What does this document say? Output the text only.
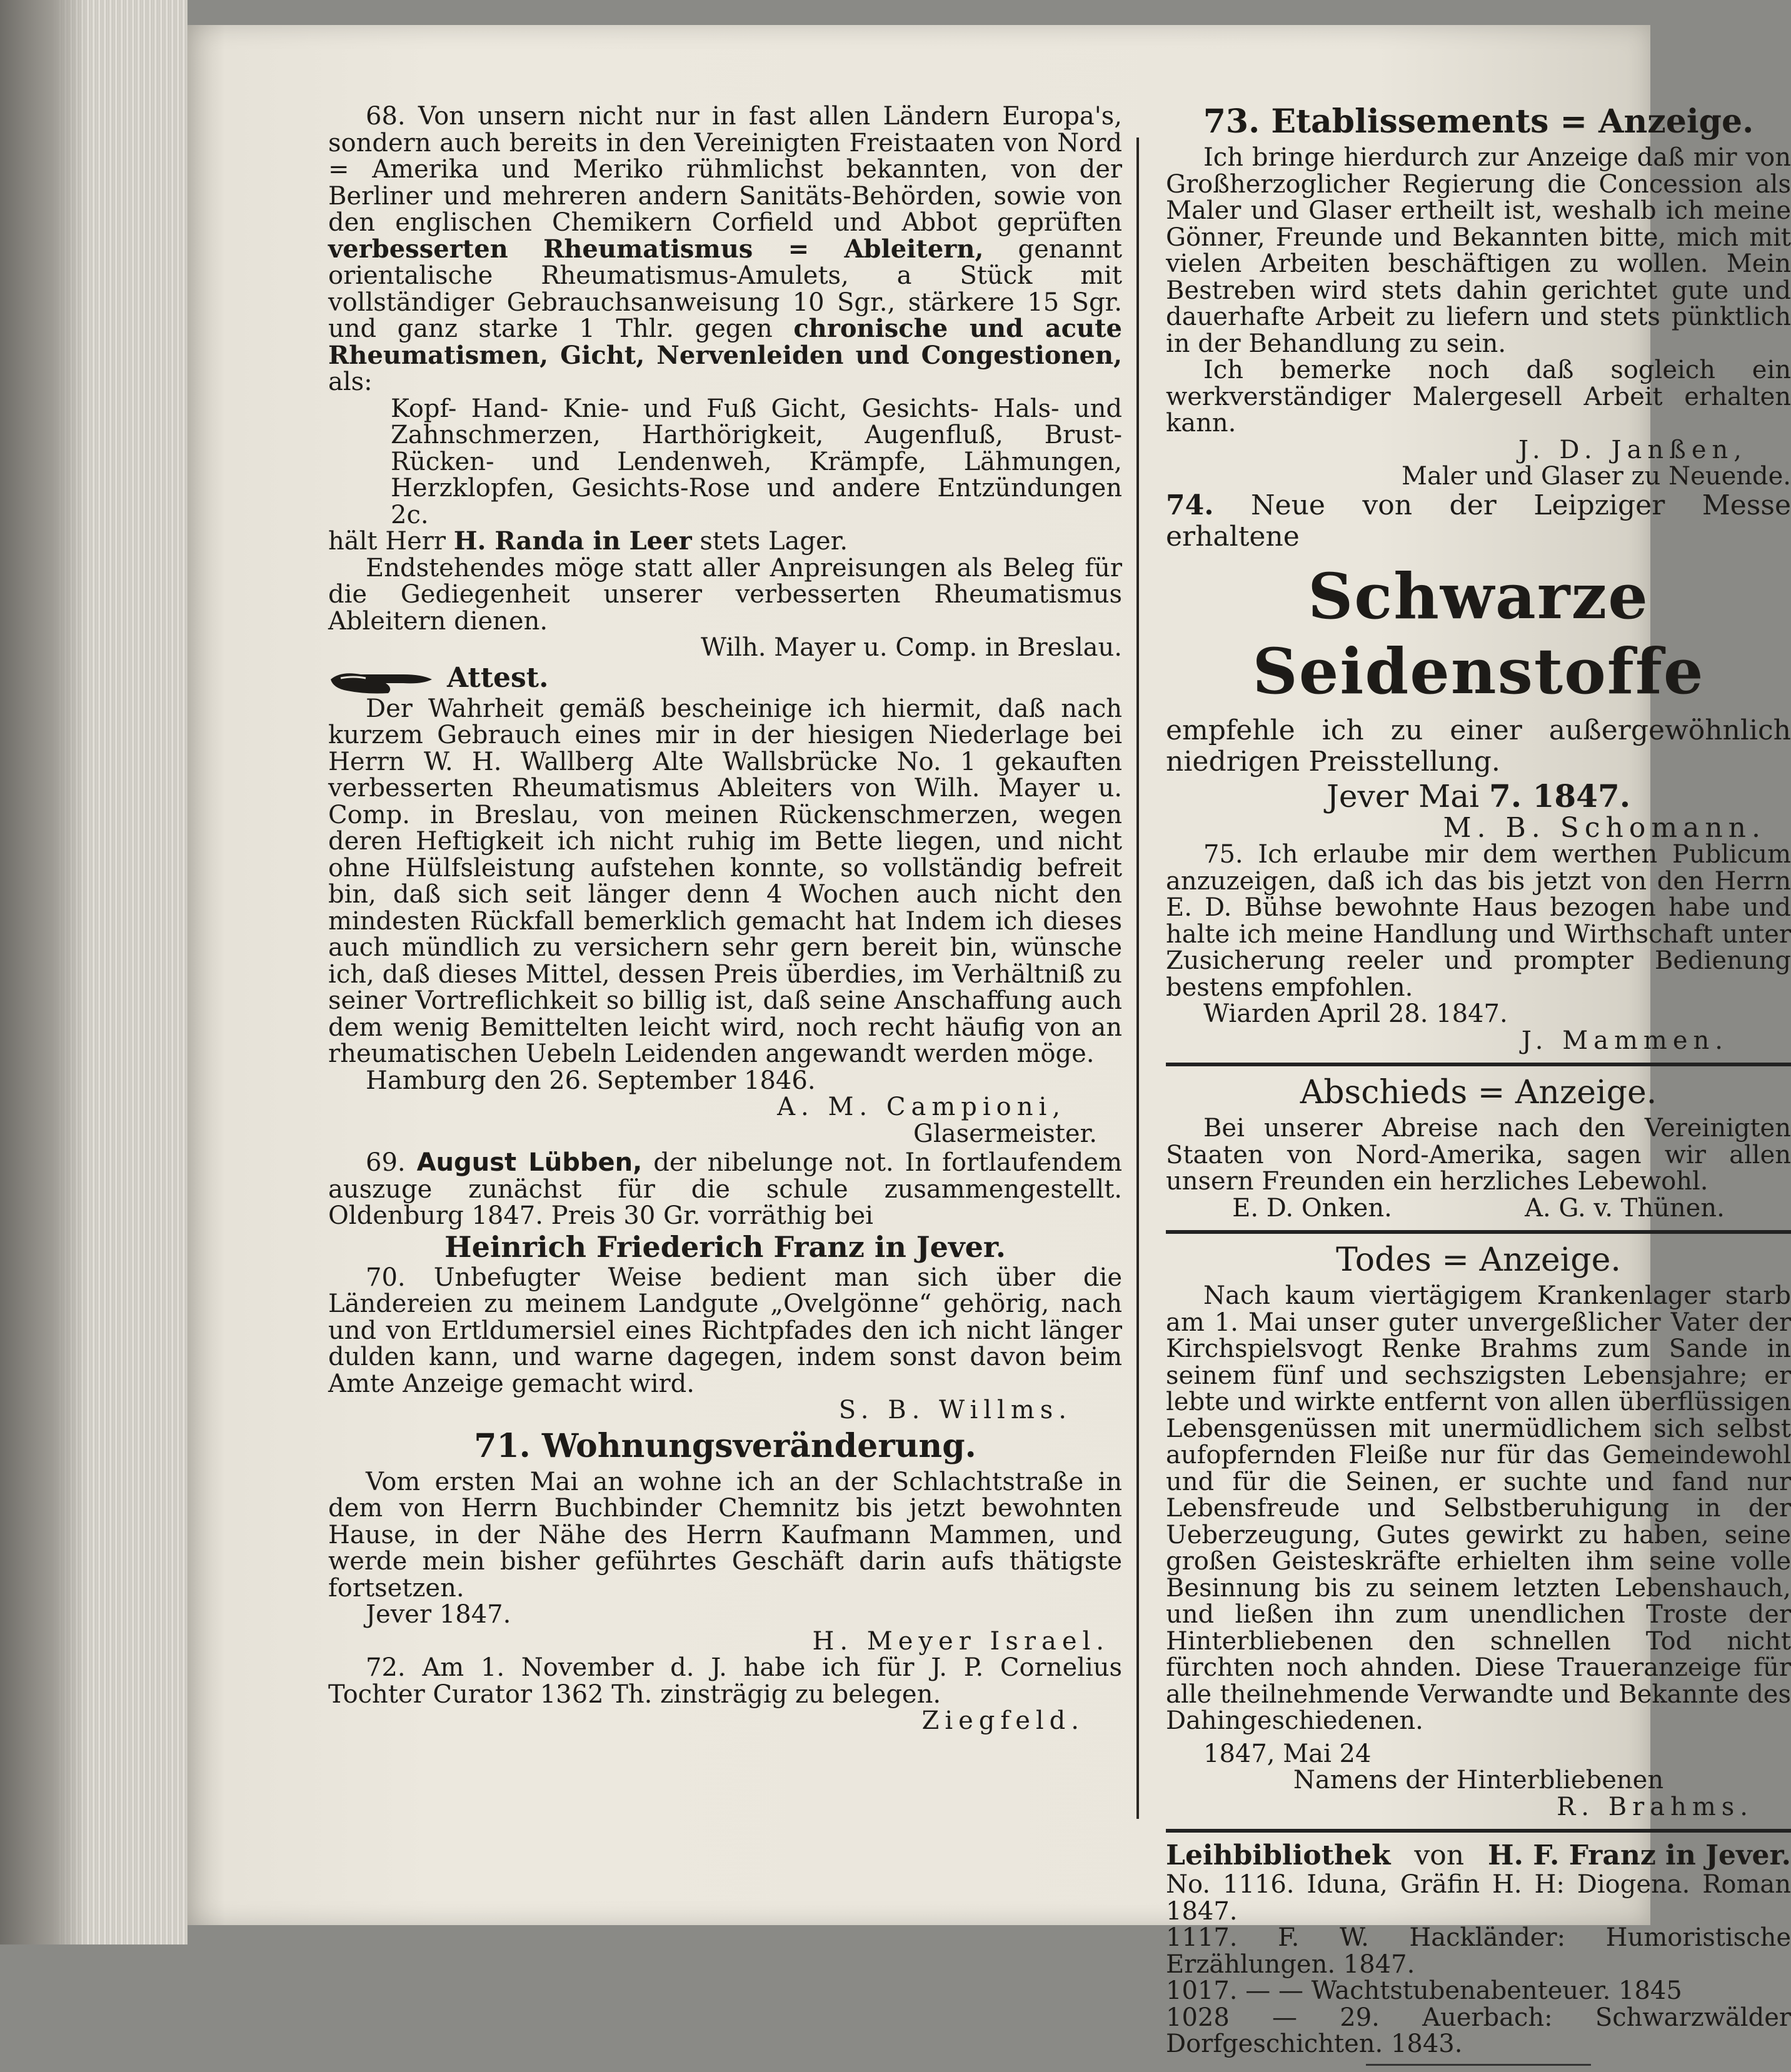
68. Von unsern nicht nur in fast allen Ländern Europa's, sondern auch bereits in den Vereinigten Freistaaten von Nord = Amerika und Meriko rühmlichst bekannten, von der Berliner und mehreren andern Sanitäts-Behörden, sowie von den englischen Chemikern Corfield und Abbot geprüften verbesserten Rheumatismus = Ableitern, genannt orientalische Rheumatismus-Amulets, a Stück mit vollständiger Gebrauchsanweisung 10 Sgr., stärkere 15 Sgr. und ganz starke 1 Thlr. gegen chronische und acute Rheumatismen, Gicht, Nervenleiden und Congestionen, als:

Kopf- Hand- Knie- und Fuß Gicht, Gesichts- Hals- und Zahnschmerzen, Harthörigkeit, Augenfluß, Brust- Rücken- und Lendenweh, Krämpfe, Lähmungen, Herzklopfen, Gesichts-Rose und andere Entzündungen 2c.

hält Herr H. Randa in Leer stets Lager.

Endstehendes möge statt aller Anpreisungen als Beleg für die Gediegenheit unserer verbesserten Rheumatismus Ableitern dienen.

Wilh. Mayer u. Comp. in Breslau.

Attest.

Der Wahrheit gemäß bescheinige ich hiermit, daß nach kurzem Gebrauch eines mir in der hiesigen Niederlage bei Herrn W. H. Wallberg Alte Wallsbrücke No. 1 gekauften verbesserten Rheumatismus Ableiters von Wilh. Mayer u. Comp. in Breslau, von meinen Rückenschmerzen, wegen deren Heftigkeit ich nicht ruhig im Bette liegen, und nicht ohne Hülfsleistung aufstehen konnte, so vollständig befreit bin, daß sich seit länger denn 4 Wochen auch nicht den mindesten Rückfall bemerklich gemacht hat Indem ich dieses auch mündlich zu versichern sehr gern bereit bin, wünsche ich, daß dieses Mittel, dessen Preis überdies, im Verhältniß zu seiner Vortreflichkeit so billig ist, daß seine Anschaffung auch dem wenig Bemittelten leicht wird, noch recht häufig von an rheumatischen Uebeln Leidenden angewandt werden möge.

Hamburg den 26. September 1846.

A. M. Campioni,

Glasermeister.

69. August Lübben, der nibelunge not. In fortlaufendem auszuge zunächst für die schule zusammengestellt. Oldenburg 1847. Preis 30 Gr. vorräthig bei

Heinrich Friederich Franz in Jever.

70. Unbefugter Weise bedient man sich über die Ländereien zu meinem Landgute „Ovelgönne“ gehörig, nach und von Ertldumersiel eines Richtpfades den ich nicht länger dulden kann, und warne dagegen, indem sonst davon beim Amte Anzeige gemacht wird.

S. B. Willms.

71. Wohnungsveränderung.

Vom ersten Mai an wohne ich an der Schlachtstraße in dem von Herrn Buchbinder Chemnitz bis jetzt bewohnten Hause, in der Nähe des Herrn Kaufmann Mammen, und werde mein bisher geführtes Geschäft darin aufs thätigste fortsetzen.

Jever 1847.

H. Meyer Israel.

72. Am 1. November d. J. habe ich für J. P. Cornelius Tochter Curator 1362 Th. zinsträgig zu belegen.

Ziegfeld.

73. Etablissements = Anzeige.

Ich bringe hierdurch zur Anzeige daß mir von Großherzoglicher Regierung die Concession als Maler und Glaser ertheilt ist, weshalb ich meine Gönner, Freunde und Bekannten bitte, mich mit vielen Arbeiten beschäftigen zu wollen. Mein Bestreben wird stets dahin gerichtet gute und dauerhafte Arbeit zu liefern und stets pünktlich in der Behandlung zu sein.

Ich bemerke noch daß sogleich ein werkverständiger Malergesell Arbeit erhalten kann.

J. D. Janßen,

Maler und Glaser zu Neuende.

74. Neue von der Leipziger Messe erhaltene

Schwarze Seidenstoffe

empfehle ich zu einer außergewöhnlich niedrigen Preisstellung.

Jever Mai 7. 1847.

M. B. Schomann.

75. Ich erlaube mir dem werthen Publicum anzuzeigen, daß ich das bis jetzt von den Herrn E. D. Bühse bewohnte Haus bezogen habe und halte ich meine Handlung und Wirthschaft unter Zusicherung reeler und prompter Bedienung bestens empfohlen.

Wiarden April 28. 1847.

J. Mammen.

Abschieds = Anzeige.

Bei unserer Abreise nach den Vereinigten Staaten von Nord-Amerika, sagen wir allen unsern Freunden ein herzliches Lebewohl.

E. D. Onken.	A. G. v. Thünen.

Todes = Anzeige.

Nach kaum viertägigem Krankenlager starb am 1. Mai unser guter unvergeßlicher Vater der Kirchspielsvogt Renke Brahms zum Sande in seinem fünf und sechszigsten Lebensjahre; er lebte und wirkte entfernt von allen überflüssigen Lebensgenüssen mit unermüdlichem sich selbst aufopfernden Fleiße nur für das Gemeindewohl und für die Seinen, er suchte und fand nur Lebensfreude und Selbstberuhigung in der Ueberzeugung, Gutes gewirkt zu haben, seine großen Geisteskräfte erhielten ihm seine volle Besinnung bis zu seinem letzten Lebenshauch, und ließen ihn zum unendlichen Troste der Hinterbliebenen den schnellen Tod nicht fürchten noch ahnden. Diese Traueranzeige für alle theilnehmende Verwandte und Bekannte des Dahingeschiedenen.

1847, Mai 24

Namens der Hinterbliebenen

R. Brahms.

Leihbibliothek von H. F. Franz in Jever.

No. 1116. Iduna, Gräfin H. H: Diogena. Roman 1847.

1117. F. W. Hackländer: Humoristische Erzählungen. 1847.

1017. — — Wachtstubenabenteuer. 1845

1028 — 29. Auerbach: Schwarzwälder Dorfgeschichten. 1843.
